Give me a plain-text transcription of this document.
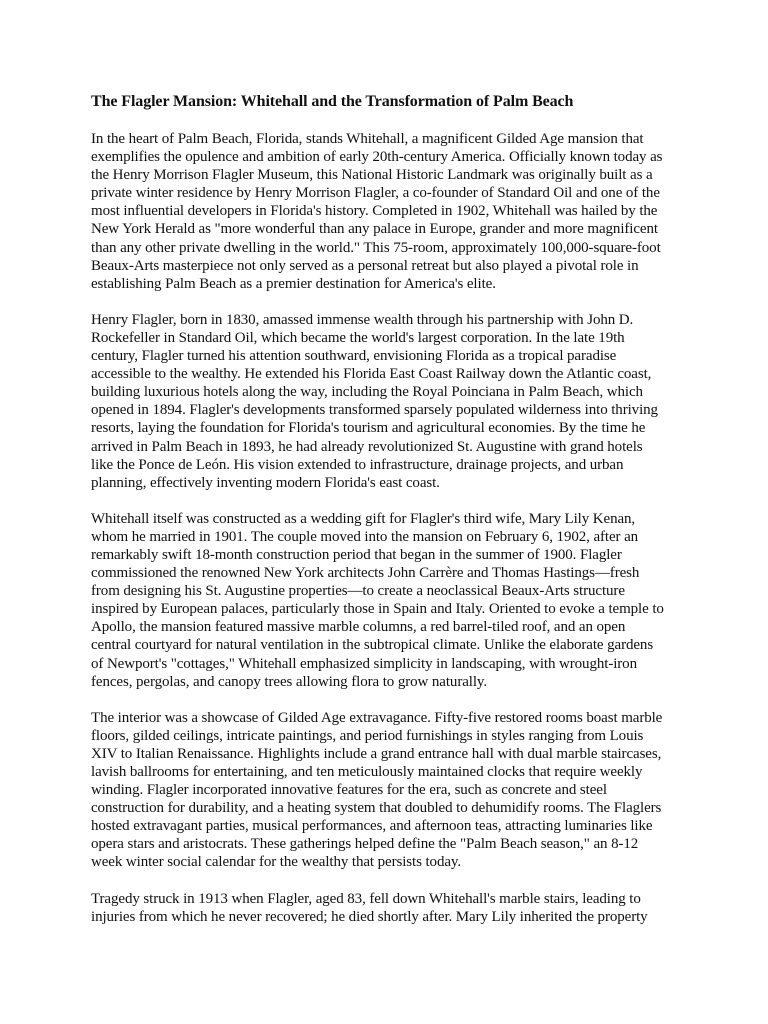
The Flagler Mansion: Whitehall and the Transformation of Palm Beach
In the heart of Palm Beach, Florida, stands Whitehall, a magnificent Gilded Age mansion that
exemplifies the opulence and ambition of early 20th-century America. Officially known today as
the Henry Morrison Flagler Museum, this National Historic Landmark was originally built as a
private winter residence by Henry Morrison Flagler, a co-founder of Standard Oil and one of the
most influential developers in Florida's history. Completed in 1902, Whitehall was hailed by the
New York Herald as "more wonderful than any palace in Europe, grander and more magnificent
than any other private dwelling in the world." This 75-room, approximately 100,000-square-foot
Beaux-Arts masterpiece not only served as a personal retreat but also played a pivotal role in
establishing Palm Beach as a premier destination for America's elite.
Henry Flagler, born in 1830, amassed immense wealth through his partnership with John D.
Rockefeller in Standard Oil, which became the world's largest corporation. In the late 19th
century, Flagler turned his attention southward, envisioning Florida as a tropical paradise
accessible to the wealthy. He extended his Florida East Coast Railway down the Atlantic coast,
building luxurious hotels along the way, including the Royal Poinciana in Palm Beach, which
opened in 1894. Flagler's developments transformed sparsely populated wilderness into thriving
resorts, laying the foundation for Florida's tourism and agricultural economies. By the time he
arrived in Palm Beach in 1893, he had already revolutionized St. Augustine with grand hotels
like the Ponce de León. His vision extended to infrastructure, drainage projects, and urban
planning, effectively inventing modern Florida's east coast.
Whitehall itself was constructed as a wedding gift for Flagler's third wife, Mary Lily Kenan,
whom he married in 1901. The couple moved into the mansion on February 6, 1902, after an
remarkably swift 18-month construction period that began in the summer of 1900. Flagler
commissioned the renowned New York architects John Carrère and Thomas Hastings—fresh
from designing his St. Augustine properties—to create a neoclassical Beaux-Arts structure
inspired by European palaces, particularly those in Spain and Italy. Oriented to evoke a temple to
Apollo, the mansion featured massive marble columns, a red barrel-tiled roof, and an open
central courtyard for natural ventilation in the subtropical climate. Unlike the elaborate gardens
of Newport's "cottages," Whitehall emphasized simplicity in landscaping, with wrought-iron
fences, pergolas, and canopy trees allowing flora to grow naturally.
The interior was a showcase of Gilded Age extravagance. Fifty-five restored rooms boast marble
floors, gilded ceilings, intricate paintings, and period furnishings in styles ranging from Louis
XIV to Italian Renaissance. Highlights include a grand entrance hall with dual marble staircases,
lavish ballrooms for entertaining, and ten meticulously maintained clocks that require weekly
winding. Flagler incorporated innovative features for the era, such as concrete and steel
construction for durability, and a heating system that doubled to dehumidify rooms. The Flaglers
hosted extravagant parties, musical performances, and afternoon teas, attracting luminaries like
opera stars and aristocrats. These gatherings helped define the "Palm Beach season," an 8-12
week winter social calendar for the wealthy that persists today.
Tragedy struck in 1913 when Flagler, aged 83, fell down Whitehall's marble stairs, leading to
injuries from which he never recovered; he died shortly after. Mary Lily inherited the property
